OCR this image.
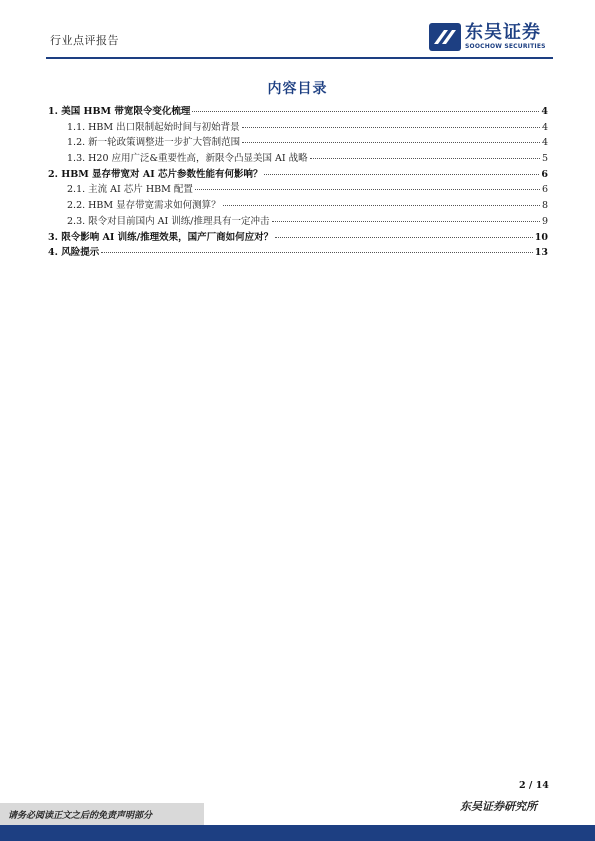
行业点评报告	东吴证券
SOOCHOW SECURITIES
内容目录
1. 美国 HBM 带宽限令变化梳理	4
1.1. HBM 出口限制起始时间与初始背景	4
1.2. 新一轮政策调整进一步扩大管制范围	4
1.3. H20 应用广泛&重要性高，新限令凸显美国 AI 战略	5
2. HBM 显存带宽对 AI 芯片参数性能有何影响？	6
2.1. 主流 AI 芯片 HBM 配置	6
2.2. HBM 显存带宽需求如何测算？	8
2.3. 限令对目前国内 AI 训练/推理具有一定冲击	9
3. 限令影响 AI 训练/推理效果，国产厂商如何应对？	10
4. 风险提示	13
2 / 14
请务必阅读正文之后的免责声明部分
东吴证券研究所
